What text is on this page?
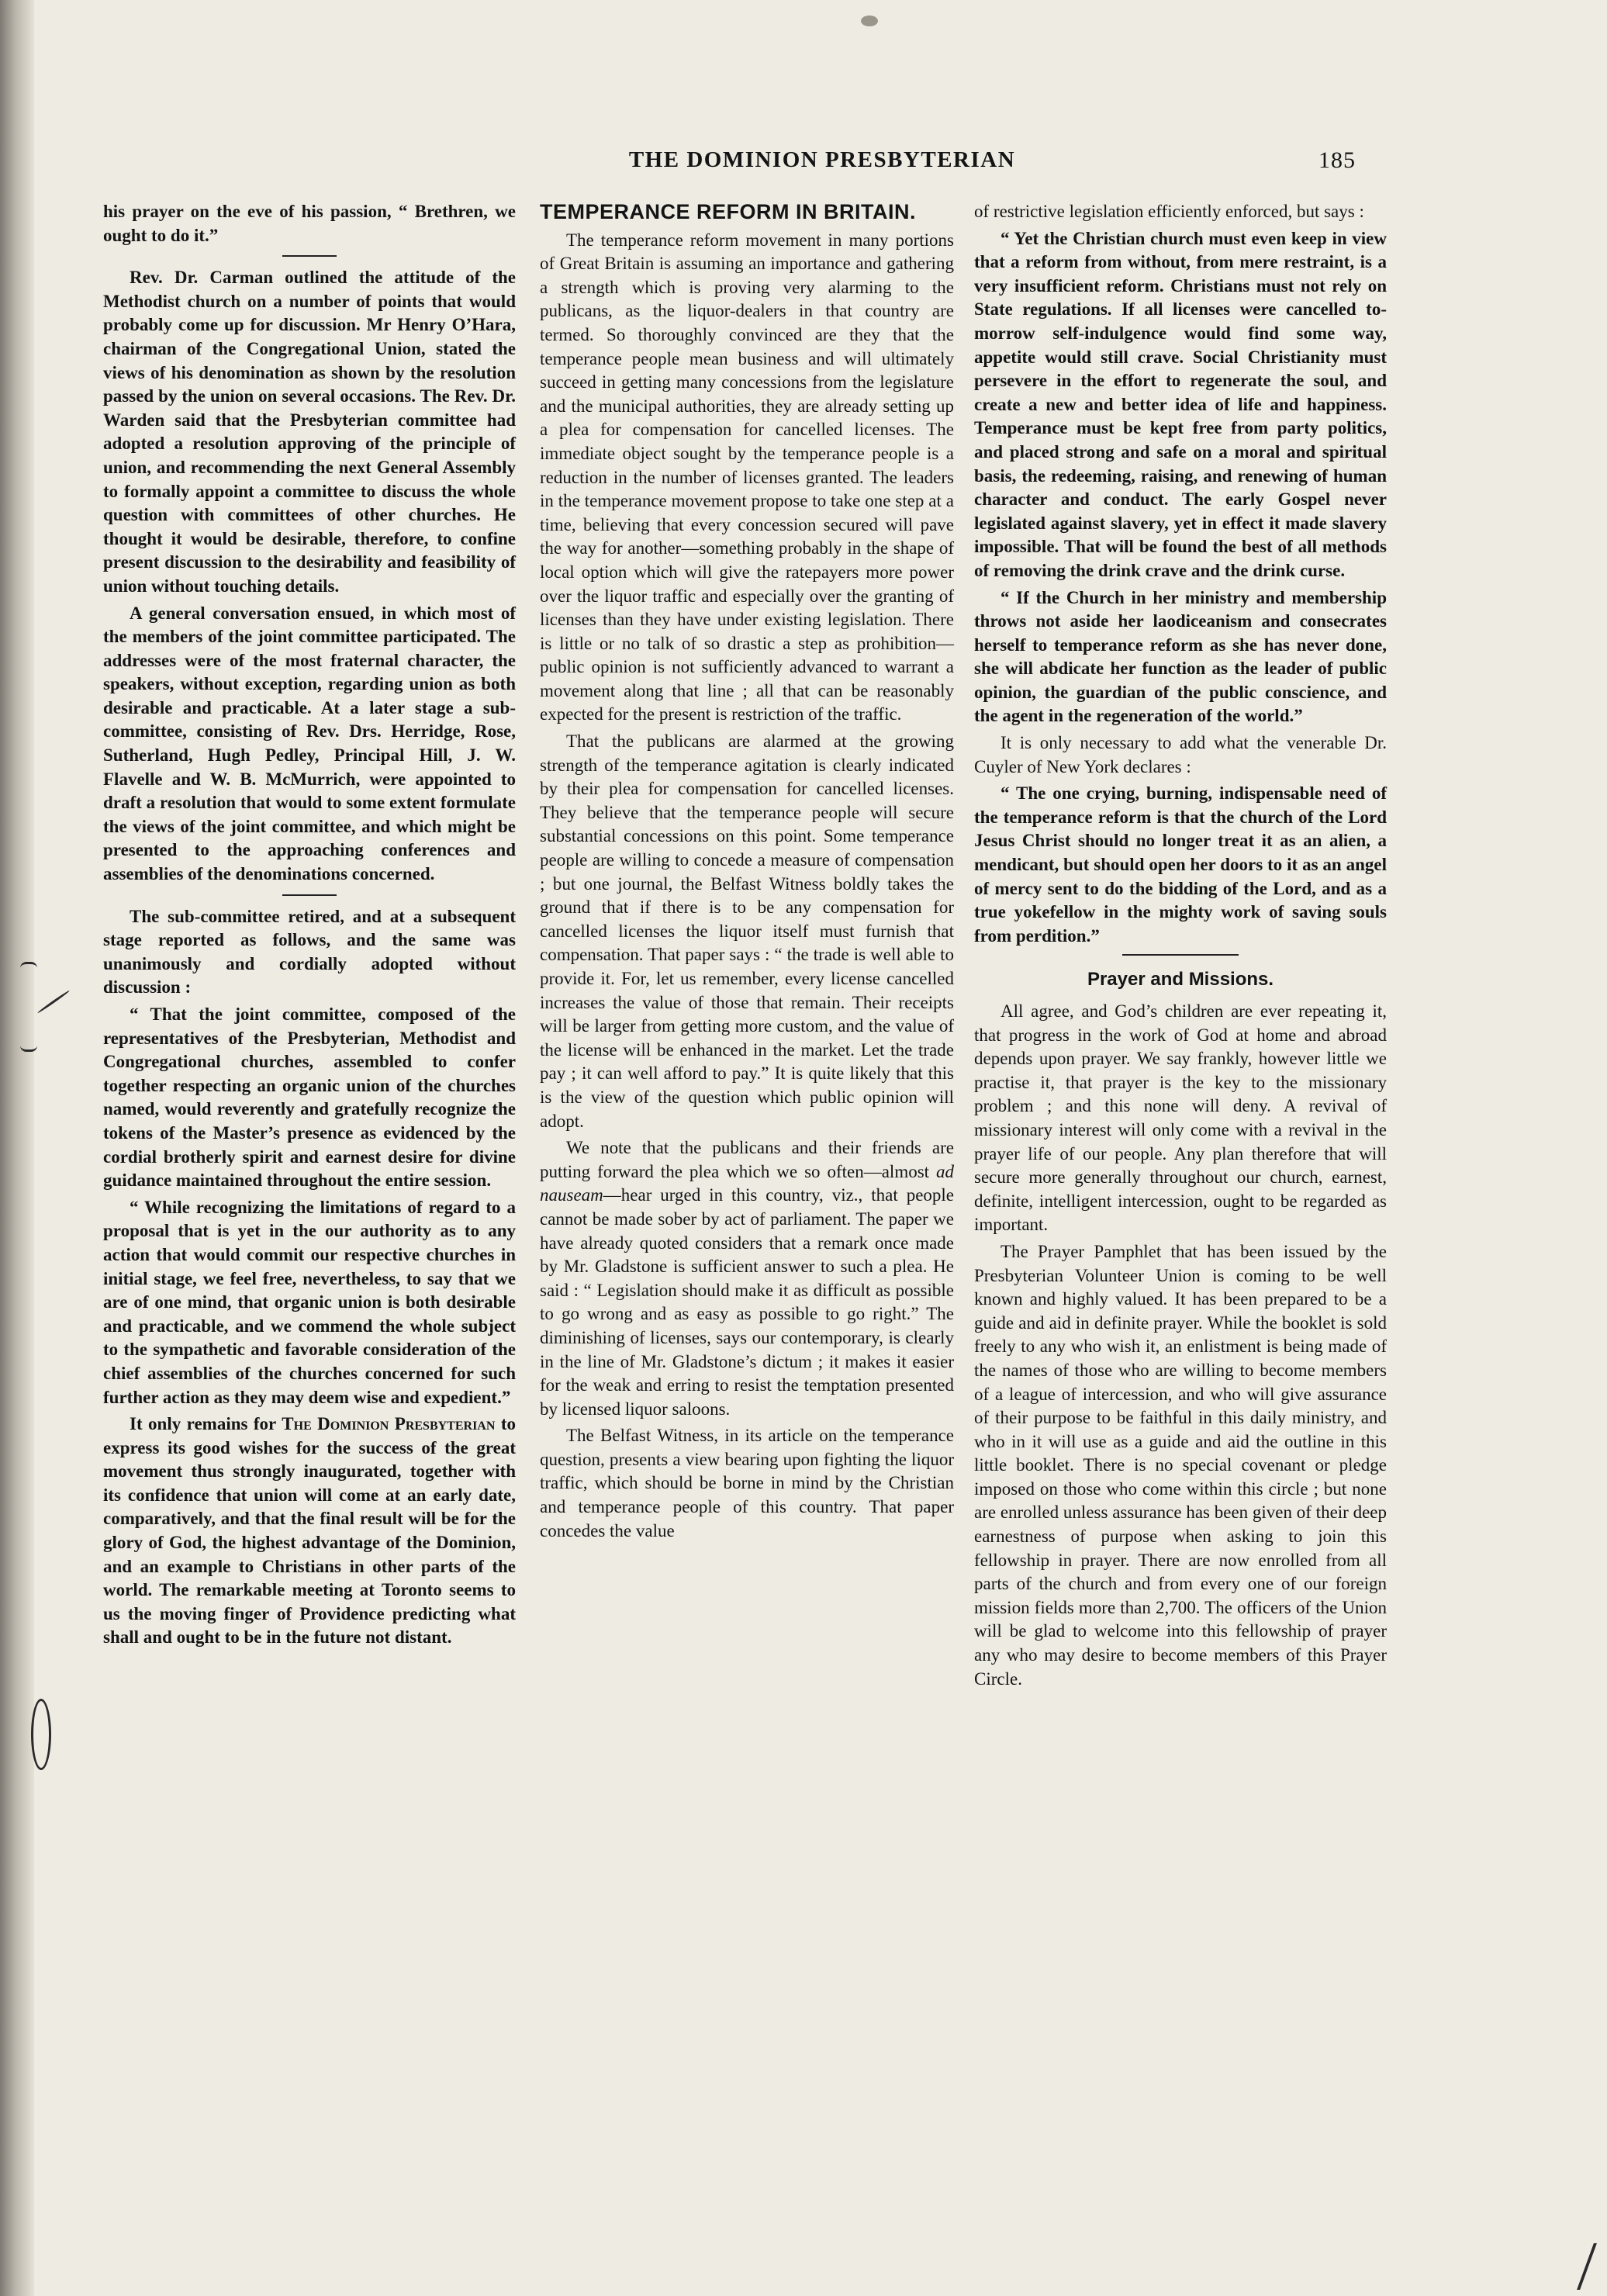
THE DOMINION PRESBYTERIAN	185

his prayer on the eve of his passion, “ Brethren, we ought to do it.”

Rev. Dr. Carman outlined the attitude of the Methodist church on a number of points that would probably come up for discussion. Mr Henry O’Hara, chairman of the Congregational Union, stated the views of his denomination as shown by the resolution passed by the union on several occasions. The Rev. Dr. Warden said that the Presbyterian committee had adopted a resolution approving of the principle of union, and recommending the next General Assembly to formally appoint a committee to discuss the whole question with committees of other churches. He thought it would be desirable, therefore, to confine present discussion to the desirability and feasibility of union without touching details.

A general conversation ensued, in which most of the members of the joint committee participated. The addresses were of the most fraternal character, the speakers, without exception, regarding union as both desirable and practicable. At a later stage a sub-committee, consisting of Rev. Drs. Herridge, Rose, Sutherland, Hugh Pedley, Principal Hill, J. W. Flavelle and W. B. McMurrich, were appointed to draft a resolution that would to some extent formulate the views of the joint committee, and which might be presented to the approaching conferences and assemblies of the denominations concerned.

The sub-committee retired, and at a subsequent stage reported as follows, and the same was unanimously and cordially adopted without discussion :

“ That the joint committee, composed of the representatives of the Presbyterian, Methodist and Congregational churches, assembled to confer together respecting an organic union of the churches named, would reverently and gratefully recognize the tokens of the Master’s presence as evidenced by the cordial brotherly spirit and earnest desire for divine guidance maintained throughout the entire session.

“ While recognizing the limitations of regard to a proposal that is yet in the our authority as to any action that would commit our respective churches in initial stage, we feel free, nevertheless, to say that we are of one mind, that organic union is both desirable and practicable, and we commend the whole subject to the sympathetic and favorable consideration of the chief assemblies of the churches concerned for such further action as they may deem wise and expedient.”

It only remains for The Dominion Presbyterian to express its good wishes for the success of the great movement thus strongly inaugurated, together with its confidence that union will come at an early date, comparatively, and that the final result will be for the glory of God, the highest advantage of the Dominion, and an example to Christians in other parts of the world. The remarkable meeting at Toronto seems to us the moving finger of Providence predicting what shall and ought to be in the future not distant.

TEMPERANCE REFORM IN BRITAIN.

The temperance reform movement in many portions of Great Britain is assuming an importance and gathering a strength which is proving very alarming to the publicans, as the liquor-dealers in that country are termed. So thoroughly convinced are they that the temperance people mean business and will ultimately succeed in getting many concessions from the legislature and the municipal authorities, they are already setting up a plea for compensation for cancelled licenses. The immediate object sought by the temperance people is a reduction in the number of licenses granted. The leaders in the temperance movement propose to take one step at a time, believing that every concession secured will pave the way for another—something probably in the shape of local option which will give the ratepayers more power over the liquor traffic and especially over the granting of licenses than they have under existing legislation. There is little or no talk of so drastic a step as prohibition—public opinion is not sufficiently advanced to warrant a movement along that line ; all that can be reasonably expected for the present is restriction of the traffic.

That the publicans are alarmed at the growing strength of the temperance agitation is clearly indicated by their plea for compensation for cancelled licenses. They believe that the temperance people will secure substantial concessions on this point. Some temperance people are willing to concede a measure of compensation ; but one journal, the Belfast Witness boldly takes the ground that if there is to be any compensation for cancelled licenses the liquor itself must furnish that compensation. That paper says : “ the trade is well able to provide it. For, let us remember, every license cancelled increases the value of those that remain. Their receipts will be larger from getting more custom, and the value of the license will be enhanced in the market. Let the trade pay ; it can well afford to pay.” It is quite likely that this is the view of the question which public opinion will adopt.

We note that the publicans and their friends are putting forward the plea which we so often—almost ad nauseam—hear urged in this country, viz., that people cannot be made sober by act of parliament. The paper we have already quoted considers that a remark once made by Mr. Gladstone is sufficient answer to such a plea. He said : “ Legislation should make it as difficult as possible to go wrong and as easy as possible to go right.” The diminishing of licenses, says our contemporary, is clearly in the line of Mr. Gladstone’s dictum ; it makes it easier for the weak and erring to resist the temptation presented by licensed liquor saloons.

The Belfast Witness, in its article on the temperance question, presents a view bearing upon fighting the liquor traffic, which should be borne in mind by the Christian and temperance people of this country. That paper concedes the value

of restrictive legislation efficiently enforced, but says :

“ Yet the Christian church must even keep in view that a reform from without, from mere restraint, is a very insufficient reform. Christians must not rely on State regulations. If all licenses were cancelled to-morrow self-indulgence would find some way, appetite would still crave. Social Christianity must persevere in the effort to regenerate the soul, and create a new and better idea of life and happiness. Temperance must be kept free from party politics, and placed strong and safe on a moral and spiritual basis, the redeeming, raising, and renewing of human character and conduct. The early Gospel never legislated against slavery, yet in effect it made slavery impossible. That will be found the best of all methods of removing the drink crave and the drink curse.

“ If the Church in her ministry and membership throws not aside her laodiceanism and consecrates herself to temperance reform as she has never done, she will abdicate her function as the leader of public opinion, the guardian of the public conscience, and the agent in the regeneration of the world.”

It is only necessary to add what the venerable Dr. Cuyler of New York declares :

“ The one crying, burning, indispensable need of the temperance reform is that the church of the Lord Jesus Christ should no longer treat it as an alien, a mendicant, but should open her doors to it as an angel of mercy sent to do the bidding of the Lord, and as a true yokefellow in the mighty work of saving souls from perdition.”

Prayer and Missions.

All agree, and God’s children are ever repeating it, that progress in the work of God at home and abroad depends upon prayer. We say frankly, however little we practise it, that prayer is the key to the missionary problem ; and this none will deny. A revival of missionary interest will only come with a revival in the prayer life of our people. Any plan therefore that will secure more generally throughout our church, earnest, definite, intelligent intercession, ought to be regarded as important.

The Prayer Pamphlet that has been issued by the Presbyterian Volunteer Union is coming to be well known and highly valued. It has been prepared to be a guide and aid in definite prayer. While the booklet is sold freely to any who wish it, an enlistment is being made of the names of those who are willing to become members of a league of intercession, and who will give assurance of their purpose to be faithful in this daily ministry, and who in it will use as a guide and aid the outline in this little booklet. There is no special covenant or pledge imposed on those who come within this circle ; but none are enrolled unless assurance has been given of their deep earnestness of purpose when asking to join this fellowship in prayer. There are now enrolled from all parts of the church and from every one of our foreign mission fields more than 2,700. The officers of the Union will be glad to welcome into this fellowship of prayer any who may desire to become members of this Prayer Circle.
